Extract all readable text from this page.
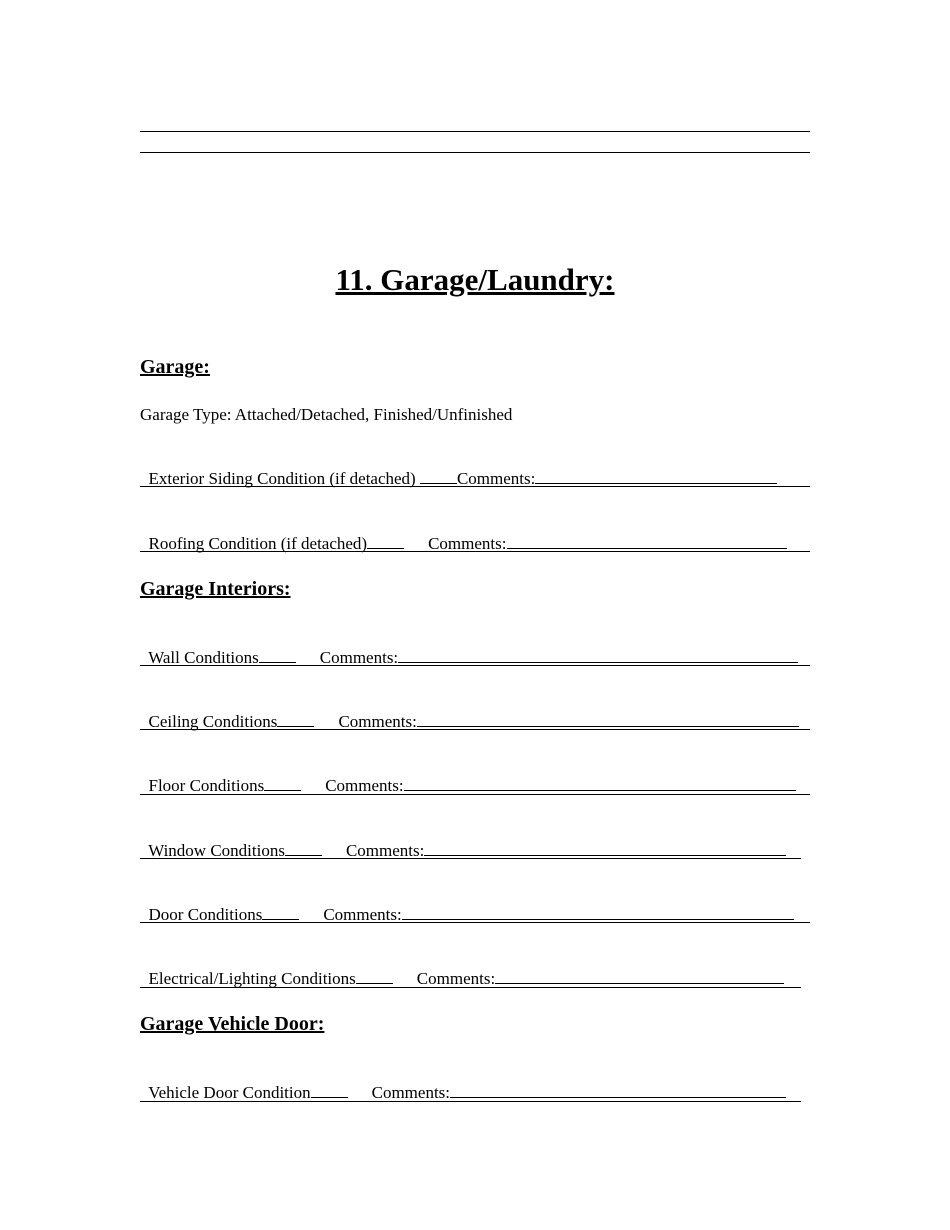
11. Garage/Laundry:
Garage:
Garage Type: Attached/Detached, Finished/Unfinished

Exterior Siding Condition (if detached) Comments:

Roofing Condition (if detached)	Comments:

Garage Interiors:

Wall Conditions	Comments:

Ceiling Conditions	Comments:

Floor Conditions	Comments:

Window Conditions	Comments:

Door Conditions	Comments:

Electrical/Lighting Conditions	Comments:

Garage Vehicle Door:

Vehicle Door Condition	Comments:
